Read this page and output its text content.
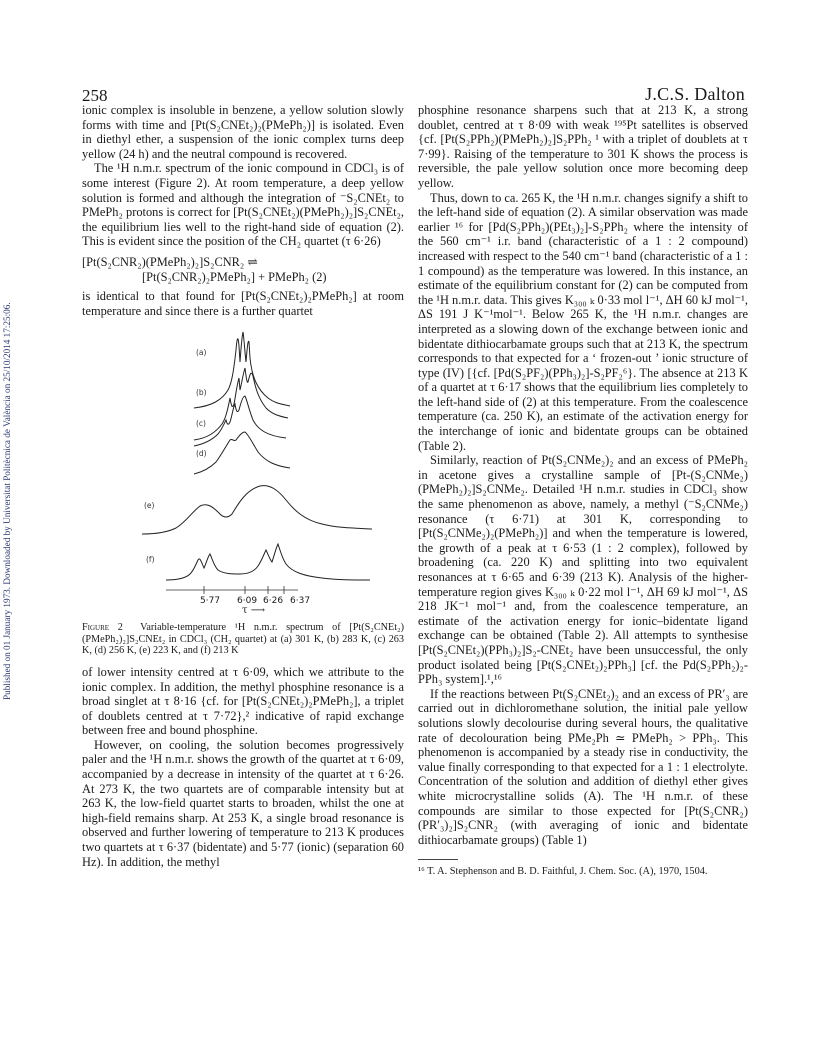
Published on 01 January 1973. Downloaded by Universitat Politècnica de València on 25/10/2014 17:25:06.
258	J.C.S. Dalton

ionic complex is insoluble in benzene, a yellow solution slowly forms with time and [Pt(S₂CNEt₂)₂(PMePh₂)] is isolated. Even in diethyl ether, a suspension of the ionic complex turns deep yellow (24 h) and the neutral compound is recovered.

The ¹H n.m.r. spectrum of the ionic compound in CDCl₃ is of some interest (Figure 2). At room temperature, a deep yellow solution is formed and although the integration of ⁻S₂CNEt₂ to PMePh₂ protons is correct for [Pt(S₂CNEt₂)(PMePh₂)₂]S₂CNEt₂, the equilibrium lies well to the right-hand side of equation (2). This is evident since the position of the CH₂ quartet (τ 6·26)

[Pt(S₂CNR₂)(PMePh₂)₂]S₂CNR₂ ⇌
[Pt(S₂CNR₂)₂PMePh₂] + PMePh₂ (2)

is identical to that found for [Pt(S₂CNEt₂)₂PMePh₂] at room temperature and since there is a further quartet

(a)
(b)
(c)
(d)
(e)
(f)
5·77 6·09 6·26 6·37
τ ⟶
Figure 2 Variable-temperature ¹H n.m.r. spectrum of [Pt(S₂CNEt₂)(PMePh₂)₂]S₂CNEt₂ in CDCl₃ (CH₂ quartet) at (a) 301 K, (b) 283 K, (c) 263 K, (d) 256 K, (e) 223 K, and (f) 213 K

of lower intensity centred at τ 6·09, which we attribute to the ionic complex. In addition, the methyl phosphine resonance is a broad singlet at τ 8·16 {cf. for [Pt(S₂CNEt₂)₂PMePh₂], a triplet of doublets centred at τ 7·72},² indicative of rapid exchange between free and bound phosphine.

However, on cooling, the solution becomes progressively paler and the ¹H n.m.r. shows the growth of the quartet at τ 6·09, accompanied by a decrease in intensity of the quartet at τ 6·26. At 273 K, the two quartets are of comparable intensity but at 263 K, the low-field quartet starts to broaden, whilst the one at high-field remains sharp. At 253 K, a single broad resonance is observed and further lowering of temperature to 213 K produces two quartets at τ 6·37 (bidentate) and 5·77 (ionic) (separation 60 Hz). In addition, the methyl

phosphine resonance sharpens such that at 213 K, a strong doublet, centred at τ 8·09 with weak ¹⁹⁵Pt satellites is observed {cf. [Pt(S₂PPh₂)(PMePh₂)₂]S₂PPh₂ ¹ with a triplet of doublets at τ 7·99}. Raising of the temperature to 301 K shows the process is reversible, the pale yellow solution once more becoming deep yellow.

Thus, down to ca. 265 K, the ¹H n.m.r. changes signify a shift to the left-hand side of equation (2). A similar observation was made earlier ¹⁶ for [Pd(S₂PPh₂)(PEt₃)₂]-S₂PPh₂ where the intensity of the 560 cm⁻¹ i.r. band (characteristic of a 1 : 2 compound) increased with respect to the 540 cm⁻¹ band (characteristic of a 1 : 1 compound) as the temperature was lowered. In this instance, an estimate of the equilibrium constant for (2) can be computed from the ¹H n.m.r. data. This gives K₃₀₀ ₖ 0·33 mol l⁻¹, ΔH 60 kJ mol⁻¹, ΔS 191 J K⁻¹mol⁻¹. Below 265 K, the ¹H n.m.r. changes are interpreted as a slowing down of the exchange between ionic and bidentate dithiocarbamate groups such that at 213 K, the spectrum corresponds to that expected for a ‘ frozen-out ’ ionic structure of type (IV) [{cf. [Pd(S₂PF₂)(PPh₃)₂]-S₂PF₂⁶}. The absence at 213 K of a quartet at τ 6·17 shows that the equilibrium lies completely to the left-hand side of (2) at this temperature. From the coalescence temperature (ca. 250 K), an estimate of the activation energy for the interchange of ionic and bidentate groups can be obtained (Table 2).

Similarly, reaction of Pt(S₂CNMe₂)₂ and an excess of PMePh₂ in acetone gives a crystalline sample of [Pt-(S₂CNMe₂)(PMePh₂)₂]S₂CNMe₂. Detailed ¹H n.m.r. studies in CDCl₃ show the same phenomenon as above, namely, a methyl (⁻S₂CNMe₂) resonance (τ 6·71) at 301 K, corresponding to [Pt(S₂CNMe₂)₂(PMePh₂)] and when the temperature is lowered, the growth of a peak at τ 6·53 (1 : 2 complex), followed by broadening (ca. 220 K) and splitting into two equivalent resonances at τ 6·65 and 6·39 (213 K). Analysis of the higher-temperature region gives K₃₀₀ ₖ 0·22 mol l⁻¹, ΔH 69 kJ mol⁻¹, ΔS 218 JK⁻¹ mol⁻¹ and, from the coalescence temperature, an estimate of the activation energy for ionic–bidentate ligand exchange can be obtained (Table 2). All attempts to synthesise [Pt(S₂CNEt₂)(PPh₃)₂]S₂-CNEt₂ have been unsuccessful, the only product isolated being [Pt(S₂CNEt₂)₂PPh₃] [cf. the Pd(S₂PPh₂)₂-PPh₃ system].¹,¹⁶

If the reactions between Pt(S₂CNEt₂)₂ and an excess of PR′₃ are carried out in dichloromethane solution, the initial pale yellow solutions slowly decolourise during several hours, the qualitative rate of decolouration being PMe₂Ph ≃ PMePh₂ > PPh₃. This phenomenon is accompanied by a steady rise in conductivity, the value finally corresponding to that expected for a 1 : 1 electrolyte. Concentration of the solution and addition of diethyl ether gives white microcrystalline solids (A). The ¹H n.m.r. of these compounds are similar to those expected for [Pt(S₂CNR₂)(PR′₃)₂]S₂CNR₂ (with averaging of ionic and bidentate dithiocarbamate groups) (Table 1)

¹⁶ T. A. Stephenson and B. D. Faithful, J. Chem. Soc. (A), 1970, 1504.
